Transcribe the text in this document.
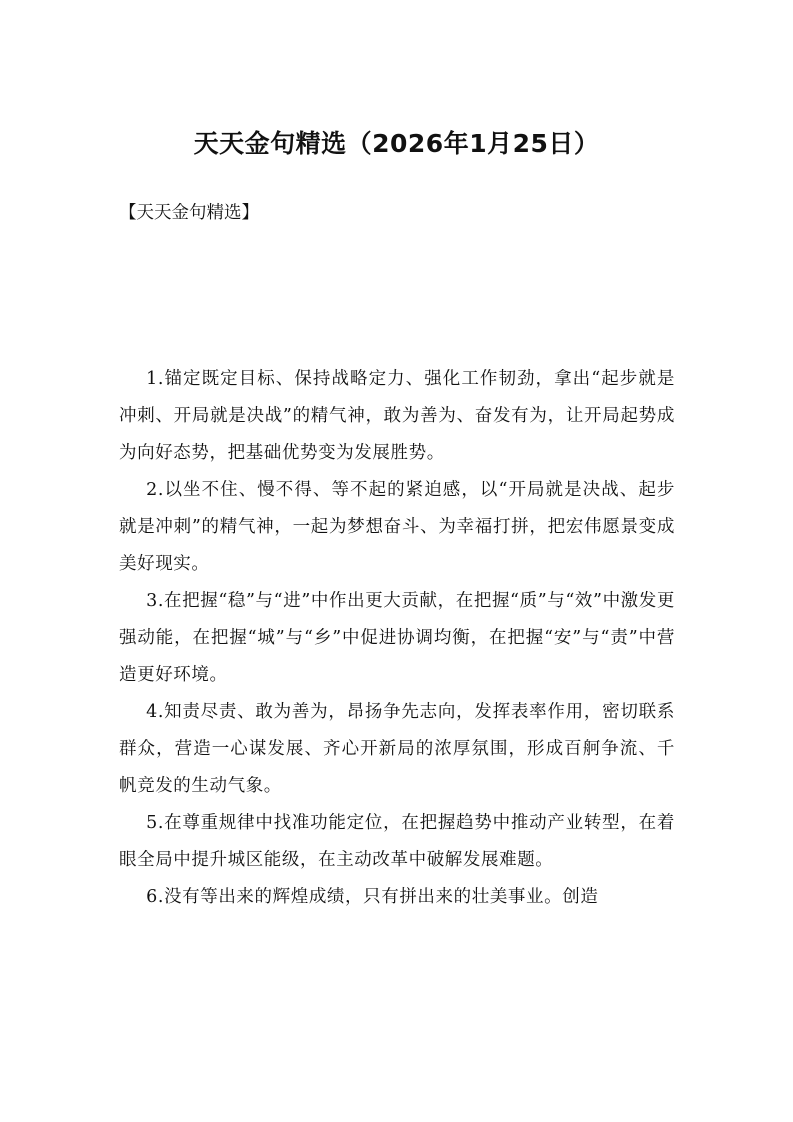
天天金句精选（2026年1月25日）

【天天金句精选】

1.锚定既定目标、保持战略定力、强化工作韧劲，拿出“起步就是冲刺、开局就是决战”的精气神，敢为善为、奋发有为，让开局起势成为向好态势，把基础优势变为发展胜势。

2.以坐不住、慢不得、等不起的紧迫感，以“开局就是决战、起步就是冲刺”的精气神，一起为梦想奋斗、为幸福打拼，把宏伟愿景变成美好现实。

3.在把握“稳”与“进”中作出更大贡献，在把握“质”与“效”中激发更强动能，在把握“城”与“乡”中促进协调均衡，在把握“安”与“责”中营造更好环境。

4.知责尽责、敢为善为，昂扬争先志向，发挥表率作用，密切联系群众，营造一心谋发展、齐心开新局的浓厚氛围，形成百舸争流、千帆竞发的生动气象。

5.在尊重规律中找准功能定位，在把握趋势中推动产业转型，在着眼全局中提升城区能级，在主动改革中破解发展难题。

6.没有等出来的辉煌成绩，只有拼出来的壮美事业。创造
